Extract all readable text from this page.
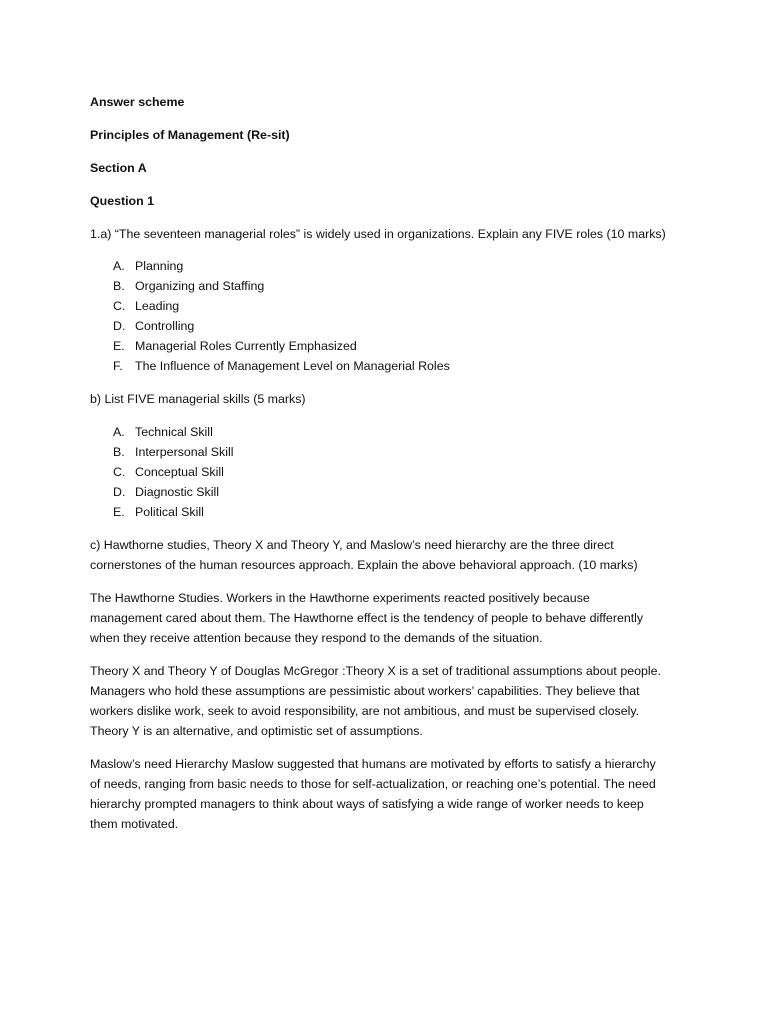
Answer scheme

Principles of Management (Re-sit)

Section A

Question 1

1.a) “The seventeen managerial roles” is widely used in organizations. Explain any FIVE roles (10 marks)

A. Planning
B. Organizing and Staffing
C. Leading
D. Controlling
E. Managerial Roles Currently Emphasized
F. The Influence of Management Level on Managerial Roles

b) List FIVE managerial skills (5 marks)

A. Technical Skill
B. Interpersonal Skill
C. Conceptual Skill
D. Diagnostic Skill
E. Political Skill

c) Hawthorne studies, Theory X and Theory Y, and Maslow’s need hierarchy are the three direct

cornerstones of the human resources approach. Explain the above behavioral approach. (10 marks)

The Hawthorne Studies. Workers in the Hawthorne experiments reacted positively because

management cared about them. The Hawthorne effect is the tendency of people to behave differently

when they receive attention because they respond to the demands of the situation.

Theory X and Theory Y of Douglas McGregor :Theory X is a set of traditional assumptions about people.

Managers who hold these assumptions are pessimistic about workers’ capabilities. They believe that

workers dislike work, seek to avoid responsibility, are not ambitious, and must be supervised closely.

Theory Y is an alternative, and optimistic set of assumptions.

Maslow’s need Hierarchy Maslow suggested that humans are motivated by efforts to satisfy a hierarchy

of needs, ranging from basic needs to those for self-actualization, or reaching one’s potential. The need

hierarchy prompted managers to think about ways of satisfying a wide range of worker needs to keep

them motivated.
